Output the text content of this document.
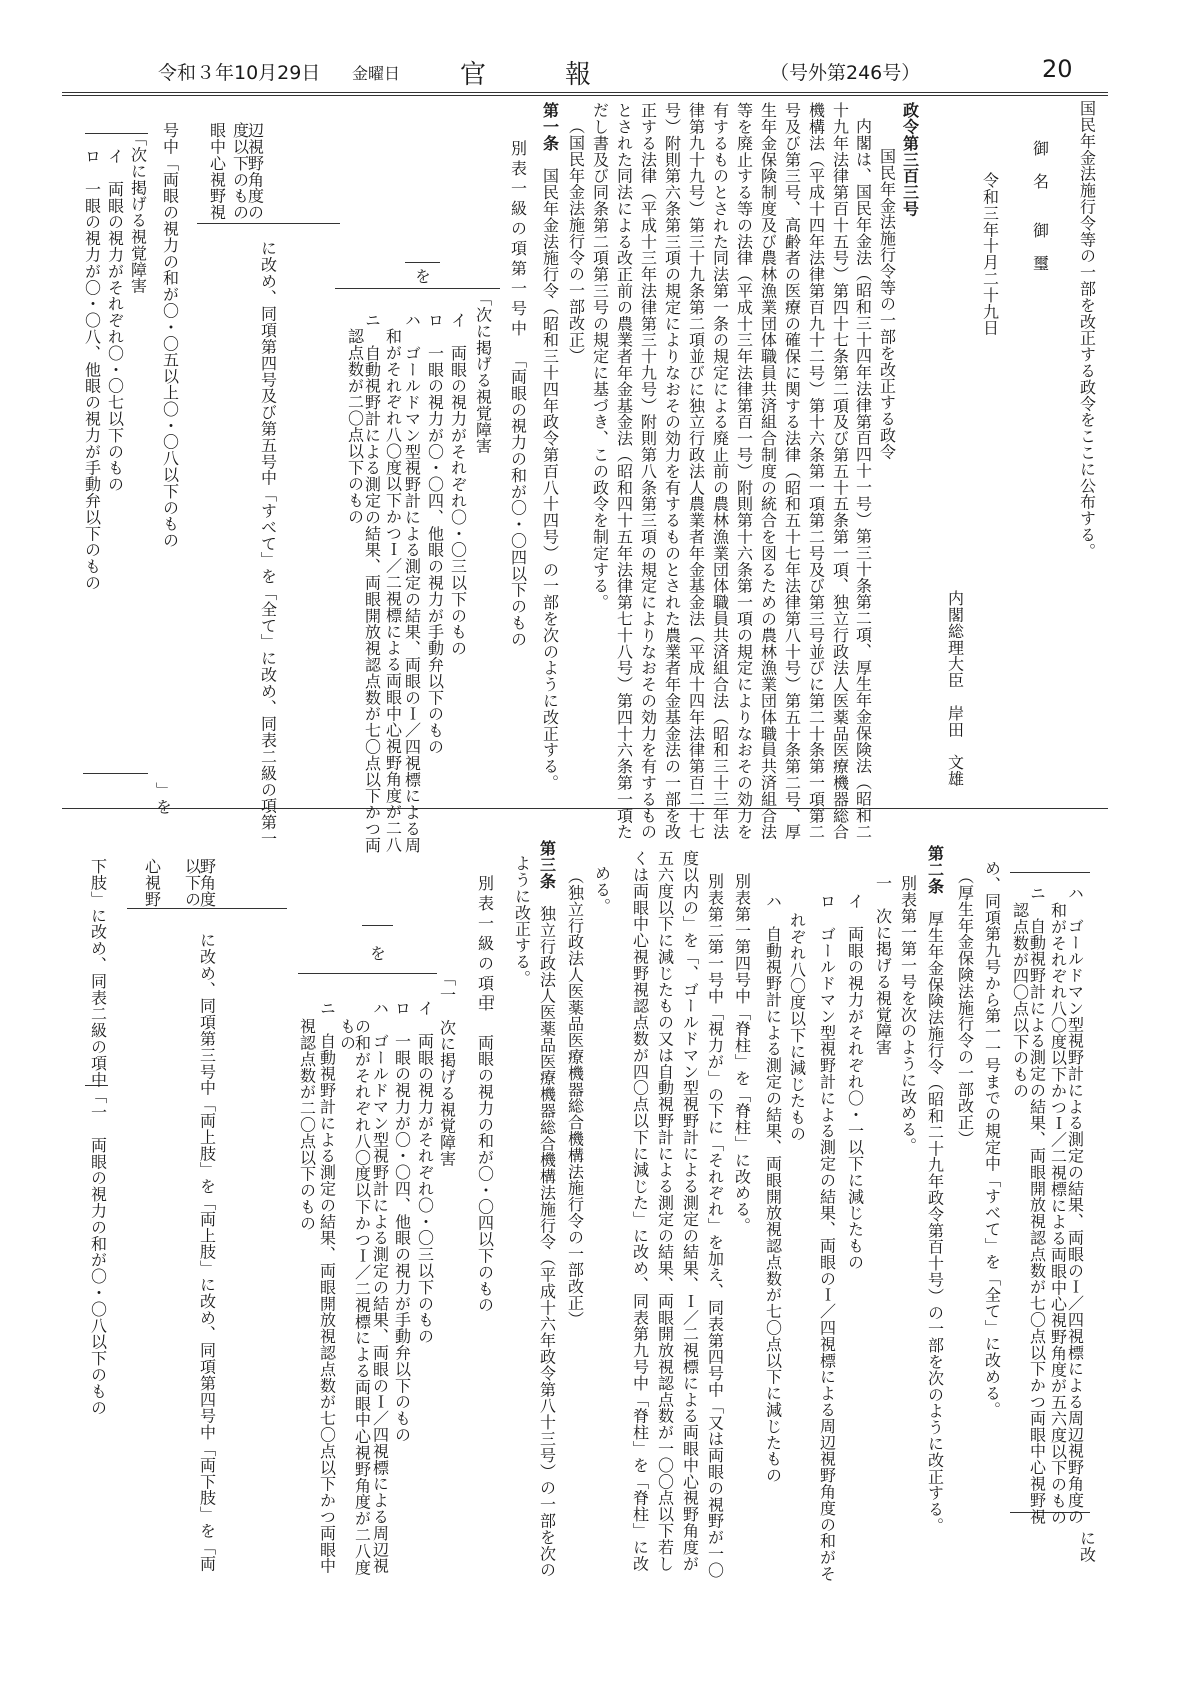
令和３年10月29日 金曜日 官	報	（号外第246号）	20
国民年金法施行令等の一部を改正する政令をここに公布する。
御　名　　御　璽
令和三年十月二十九日
内閣総理大臣　岸田　文雄
政令第三百三号
国民年金法施行令等の一部を改正する政令
内閣は、国民年金法（昭和三十四年法律第百四十一号）第三十条第二項、厚生年金保険法（昭和二
十九年法律第百十五号）第四十七条第二項及び第五十五条第一項、独立行政法人医薬品医療機器総合
機構法（平成十四年法律第百九十二号）第十六条第一項第二号及び第三号並びに第二十条第一項第二
号及び第三号、高齢者の医療の確保に関する法律（昭和五十七年法律第八十号）第五十条第二号、厚
生年金保険制度及び農林漁業団体職員共済組合制度の統合を図るための農林漁業団体職員共済組合法
等を廃止する等の法律（平成十三年法律第百一号）附則第十六条第一項の規定によりなおその効力を
有するものとされた同法第一条の規定による廃止前の農林漁業団体職員共済組合法（昭和三十三年法
律第九十九号）第三十九条第二項並びに独立行政法人農業者年金基金法（平成十四年法律第百二十七
号）附則第六条第三項の規定によりなおその効力を有するものとされた農業者年金基金法の一部を改
正する法律（平成十三年法律第三十九号）附則第八条第三項の規定によりなおその効力を有するもの
とされた同法による改正前の農業者年金基金法（昭和四十五年法律第七十八号）第四十六条第一項た
だし書及び同条第二項第三号の規定に基づき、この政令を制定する。
（国民年金法施行令の一部改正）
第一条　国民年金法施行令（昭和三十四年政令第百八十四号）の一部を次のように改正する。
別表一級の項第一号中
「両眼の視力の和が〇・〇四以下のもの
「次に掲げる視覚障害
イ　両眼の視力がそれぞれ〇・〇三以下のもの
ロ　一眼の視力が〇・〇四、他眼の視力が手動弁以下のもの
ハ　ゴールドマン型視野計による測定の結果、両眼のＩ／四視標による周
和がそれぞれ八〇度以下かつＩ／二視標による両眼中心視野角度が二八
ニ　自動視野計による測定の結果、両眼開放視認点数が七〇点以下かつ両
認点数が二〇点以下のもの
を
に改め、同項第四号及び第五号中「すべて」を「全て」に改め、同表二級の項第一
辺視野角度の
度以下のもの
眼中心視野視
号中「両眼の視力の和が〇・〇五以上〇・〇八以下のもの
「次に掲げる視覚障害
イ　両眼の視力がそれぞれ〇・〇七以下のもの
ロ　一眼の視力が〇・〇八、他眼の視力が手動弁以下のもの
」を
ハ　ゴールドマン型視野計による測定の結果、両眼のＩ／四視標による周辺視野角度の
和がそれぞれ八〇度以下かつＩ／二視標による両眼中心視野角度が五六度以下のもの
ニ　自動視野計による測定の結果、両眼開放視認点数が七〇点以下かつ両眼中心視野視
認点数が四〇点以下のもの
に改
め、同項第九号から第一一号までの規定中「すべて」を「全て」に改める。
（厚生年金保険法施行令の一部改正）
第二条　厚生年金保険法施行令（昭和二十九年政令第百十号）の一部を次のように改正する。
別表第一第一号を次のように改める。
一　次に掲げる視覚障害
イ　両眼の視力がそれぞれ〇・一以下に減じたもの
ロ　ゴールドマン型視野計による測定の結果、両眼のＩ／四視標による周辺視野角度の和がそ
れぞれ八〇度以下に減じたもの
ハ　自動視野計による測定の結果、両眼開放視認点数が七〇点以下に減じたもの
別表第一第四号中「脊柱」を「脊柱」に改める。
別表第二第一号中「視力が」の下に「それぞれ」を加え、同表第四号中「又は両眼の視野が一〇
度以内の」を「、ゴールドマン型視野計による測定の結果、Ｉ／二視標による両眼中心視野角度が
五六度以下に減じたもの又は自動視野計による測定の結果、両眼開放視認点数が一〇〇点以下若し
くは両眼中心視野視認点数が四〇点以下に減じた」に改め、同表第九号中「脊柱」を「脊柱」に改
める。
（独立行政法人医薬品医療機器総合機構法施行令の一部改正）
第三条　独立行政法人医薬品医療機器総合機構法施行令（平成十六年政令第八十三号）の一部を次の
ように改正する。
別表一級の項中
「一　両眼の視力の和が〇・〇四以下のもの
「一　次に掲げる視覚障害
イ　両眼の視力がそれぞれ〇・〇三以下のもの
ロ　一眼の視力が〇・〇四、他眼の視力が手動弁以下のもの
ハ　ゴールドマン型視野計による測定の結果、両眼のＩ／四視標による周辺視
の和がそれぞれ八〇度以下かつＩ／二視標による両眼中心視野角度が二八度
もの
ニ　自動視野計による測定の結果、両眼開放視認点数が七〇点以下かつ両眼中
視認点数が二〇点以下のもの
を
野角度
以下の
心視野
に改め、同項第三号中「両上肢」を「両上肢」に改め、同項第四号中「両下肢」を「両
下肢」に改め、同表二級の項中「一　両眼の視力の和が〇・〇八以下のもの
